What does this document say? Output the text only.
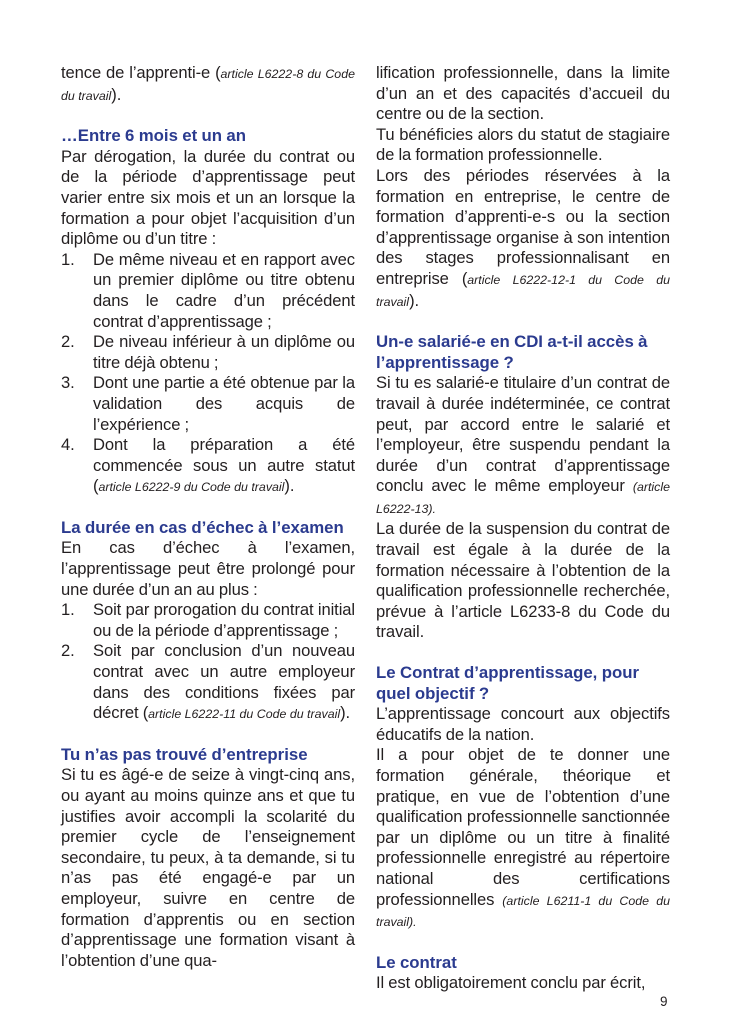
tence de l’apprenti-e (article L6222-8 du Code du travail).

…Entre 6 mois et un an

Par dérogation, la durée du contrat ou de la période d’apprentissage peut varier entre six mois et un an lorsque la formation a pour objet l’acquisition d’un diplôme ou d’un titre :

1. De même niveau et en rapport avec un premier diplôme ou titre obtenu dans le cadre d’un précédent contrat d’apprentissage ;
2. De niveau inférieur à un diplôme ou titre déjà obtenu ;
3. Dont une partie a été obtenue par la validation des acquis de l’expérience ;
4. Dont la préparation a été commencée sous un autre statut (article L6222-9 du Code du travail).
La durée en cas d’échec à l’examen

En cas d’échec à l’examen, l’apprentissage peut être prolongé pour une durée d’un an au plus :

1. Soit par prorogation du contrat initial ou de la période d’apprentissage ;
2. Soit par conclusion d’un nouveau contrat avec un autre employeur dans des conditions fixées par décret (article L6222-11 du Code du travail).
Tu n’as pas trouvé d’entreprise

Si tu es âgé-e de seize à vingt-cinq ans, ou ayant au moins quinze ans et que tu justifies avoir accompli la scolarité du premier cycle de l’enseignement secondaire, tu peux, à ta demande, si tu n’as pas été engagé-e par un employeur, suivre en centre de formation d’apprentis ou en section d’apprentissage une formation visant à l’obtention d’une qua-

lification professionnelle, dans la limite d’un an et des capacités d’accueil du centre ou de la section.

Tu bénéficies alors du statut de stagiaire de la formation professionnelle.

Lors des périodes réservées à la formation en entreprise, le centre de formation d’apprenti-e-s ou la section d’apprentissage organise à son intention des stages professionnalisant en entreprise (article L6222-12-1 du Code du travail).

Un-e salarié-e en CDI a-t-il accès à l’apprentissage ?

Si tu es salarié-e titulaire d’un contrat de travail à durée indéterminée, ce contrat peut, par accord entre le salarié et l’employeur, être suspendu pendant la durée d’un contrat d’apprentissage conclu avec le même employeur (article L6222-13).

La durée de la suspension du contrat de travail est égale à la durée de la formation nécessaire à l’obtention de la qualification professionnelle recherchée, prévue à l’article L6233-8 du Code du travail.

Le Contrat d’apprentissage, pour quel objectif ?

L’apprentissage concourt aux objectifs éducatifs de la nation.

Il a pour objet de te donner une formation générale, théorique et pratique, en vue de l’obtention d’une qualification professionnelle sanctionnée par un diplôme ou un titre à finalité professionnelle enregistré au répertoire national des certifications professionnelles (article L6211-1 du Code du travail).

Le contrat

Il est obligatoirement conclu par écrit,

9
